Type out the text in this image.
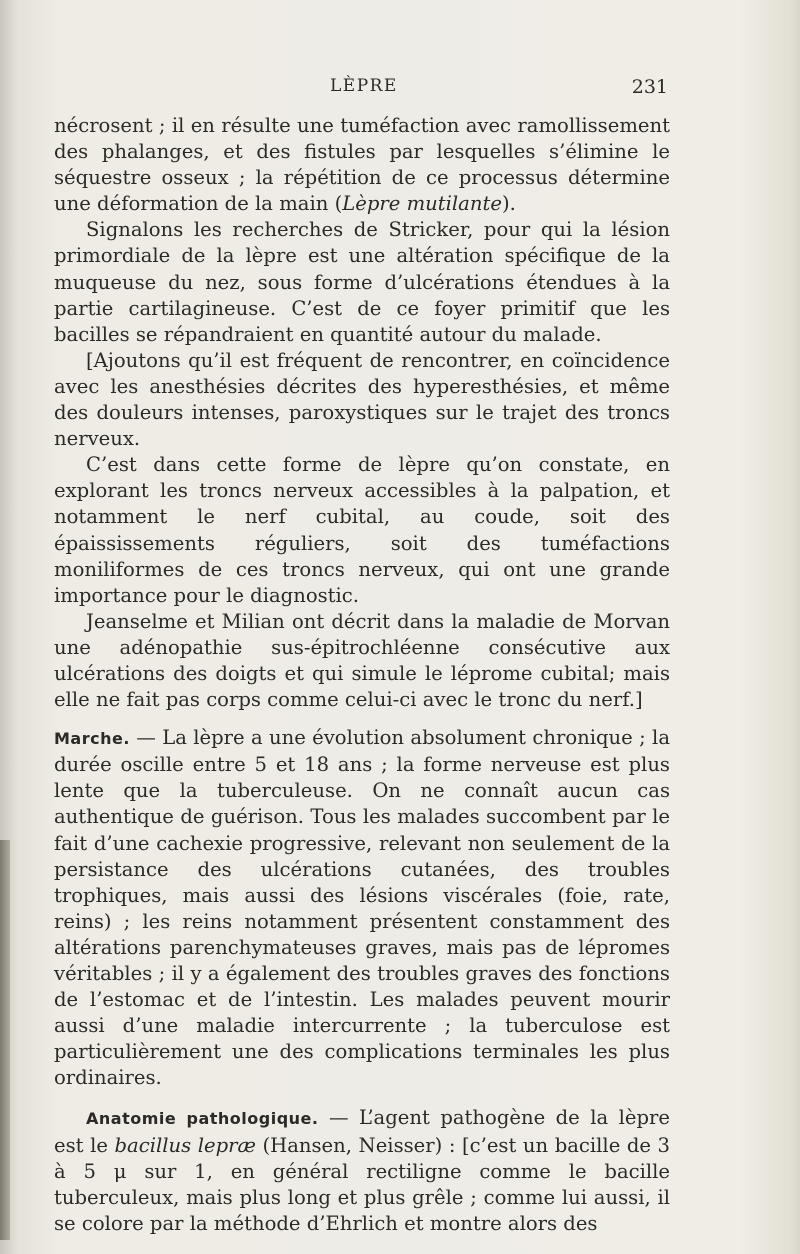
LÈPRE	231

nécrosent ; il en résulte une tuméfaction avec ramollissement des phalanges, et des fistules par lesquelles s’élimine le séquestre osseux ; la répétition de ce processus détermine une déformation de la main (Lèpre mutilante).

Signalons les recherches de Stricker, pour qui la lésion primordiale de la lèpre est une altération spécifique de la muqueuse du nez, sous forme d’ulcérations étendues à la partie cartilagineuse. C’est de ce foyer primitif que les bacilles se répandraient en quantité autour du malade.

[Ajoutons qu’il est fréquent de rencontrer, en coïncidence avec les anesthésies décrites des hyperesthésies, et même des douleurs intenses, paroxystiques sur le trajet des troncs nerveux.

C’est dans cette forme de lèpre qu’on constate, en explorant les troncs nerveux accessibles à la palpation, et notamment le nerf cubital, au coude, soit des épaississements réguliers, soit des tuméfactions moniliformes de ces troncs nerveux, qui ont une grande importance pour le diagnostic.

Jeanselme et Milian ont décrit dans la maladie de Morvan une adénopathie sus-épitrochléenne consécutive aux ulcérations des doigts et qui simule le léprome cubital; mais elle ne fait pas corps comme celui-ci avec le tronc du nerf.]

Marche. — La lèpre a une évolution absolument chronique ; la durée oscille entre 5 et 18 ans ; la forme nerveuse est plus lente que la tuberculeuse. On ne connaît aucun cas authentique de guérison. Tous les malades succombent par le fait d’une cachexie progressive, relevant non seulement de la persistance des ulcérations cutanées, des troubles trophiques, mais aussi des lésions viscérales (foie, rate, reins) ; les reins notamment présentent constamment des altérations parenchymateuses graves, mais pas de lépromes véritables ; il y a également des troubles graves des fonctions de l’estomac et de l’intestin. Les malades peuvent mourir aussi d’une maladie intercurrente ; la tuberculose est particulièrement une des complications terminales les plus ordinaires.

Anatomie pathologique. — L’agent pathogène de la lèpre est le bacillus lepræ (Hansen, Neisser) : [c’est un bacille de 3 à 5 μ sur 1, en général rectiligne comme le bacille tuberculeux, mais plus long et plus grêle ; comme lui aussi, il se colore par la méthode d’Ehrlich et montre alors des
